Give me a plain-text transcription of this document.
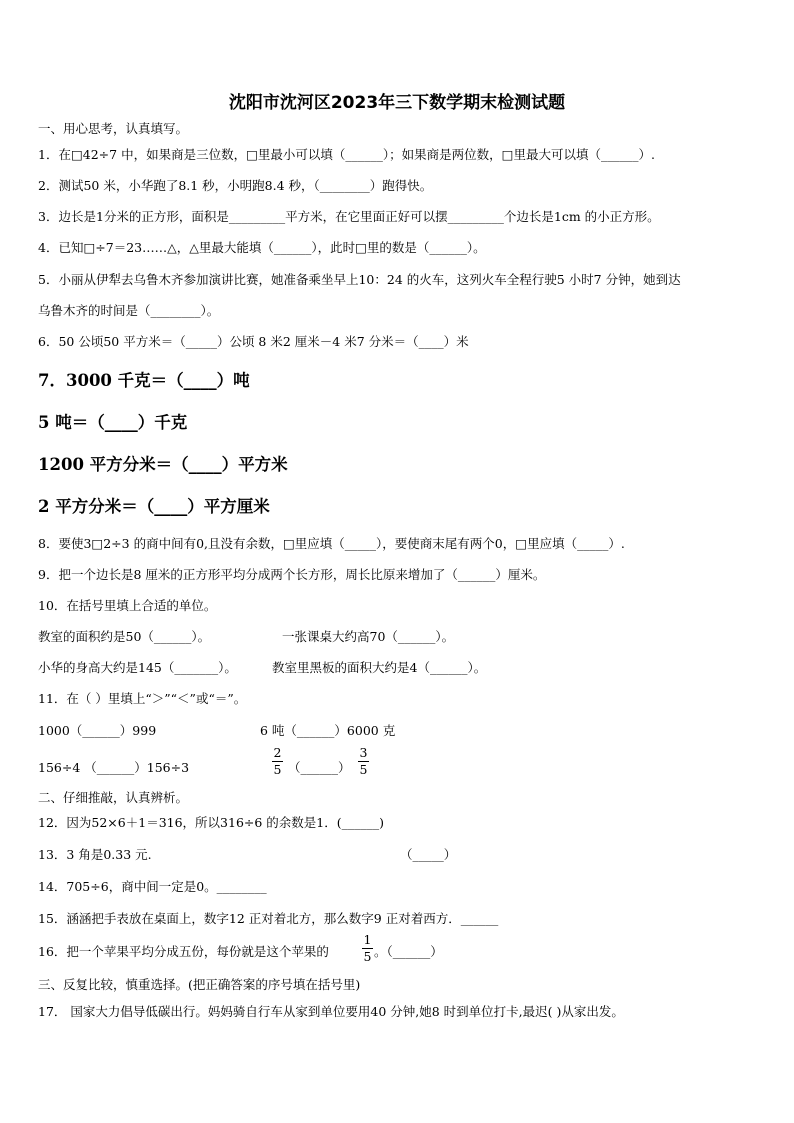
沈阳市沈河区2023年三下数学期末检测试题
一、用心思考，认真填写。
1．在□42÷7 中，如果商是三位数，□里最小可以填（______）；如果商是两位数，□里最大可以填（______）.
2．测试50 米，小华跑了8.1 秒，小明跑8.4 秒，（________）跑得快。
3．边长是1分米的正方形，面积是_________平方米，在它里面正好可以摆_________个边长是1cm 的小正方形。
4．已知□÷7＝23……△，△里最大能填（______），此时□里的数是（______）。
5．小丽从伊犁去乌鲁木齐参加演讲比赛，她准备乘坐早上10：24 的火车，这列火车全程行驶5 小时7 分钟，她到达
乌鲁木齐的时间是（________）。
6．50 公顷50 平方米＝（_____）公顷 8 米2 厘米－4 米7 分米＝（____）米
7．3000 千克＝（____）吨
5 吨＝（____）千克
1200 平方分米＝（____）平方米
2 平方分米＝（____）平方厘米
8．要使3□2÷3 的商中间有0,且没有余数，□里应填（_____），要使商末尾有两个0，□里应填（_____）.
9．把一个边长是8 厘米的正方形平均分成两个长方形，周长比原来增加了（______）厘米。
10．在括号里填上合适的单位。
教室的面积约是50（______）。	一张课桌大约高70（______）。
小华的身高大约是145（_______）。	教室里黑板的面积大约是4（______）。
11．在（ ）里填上“＞”“＜”或“＝”。
1000（______）999	6 吨（______）6000 克
156÷4 （______）156÷3
2
5 （______）
3
5
二、仔细推敲，认真辨析。
12．因为52×6＋1＝316，所以316÷6 的余数是1．(______)
13．3 角是0.33 元.	（_____）
14．705÷6，商中间一定是0。________
15．涵涵把手表放在桌面上，数字12 正对着北方，那么数字9 正对着西方．______
16．把一个苹果平均分成五份，每份就是这个苹果的
1
5 。（______）
三、反复比较，慎重选择。(把正确答案的序号填在括号里)
17． 国家大力倡导低碳出行。妈妈骑自行车从家到单位要用40 分钟,她8 时到单位打卡,最迟( )从家出发。
